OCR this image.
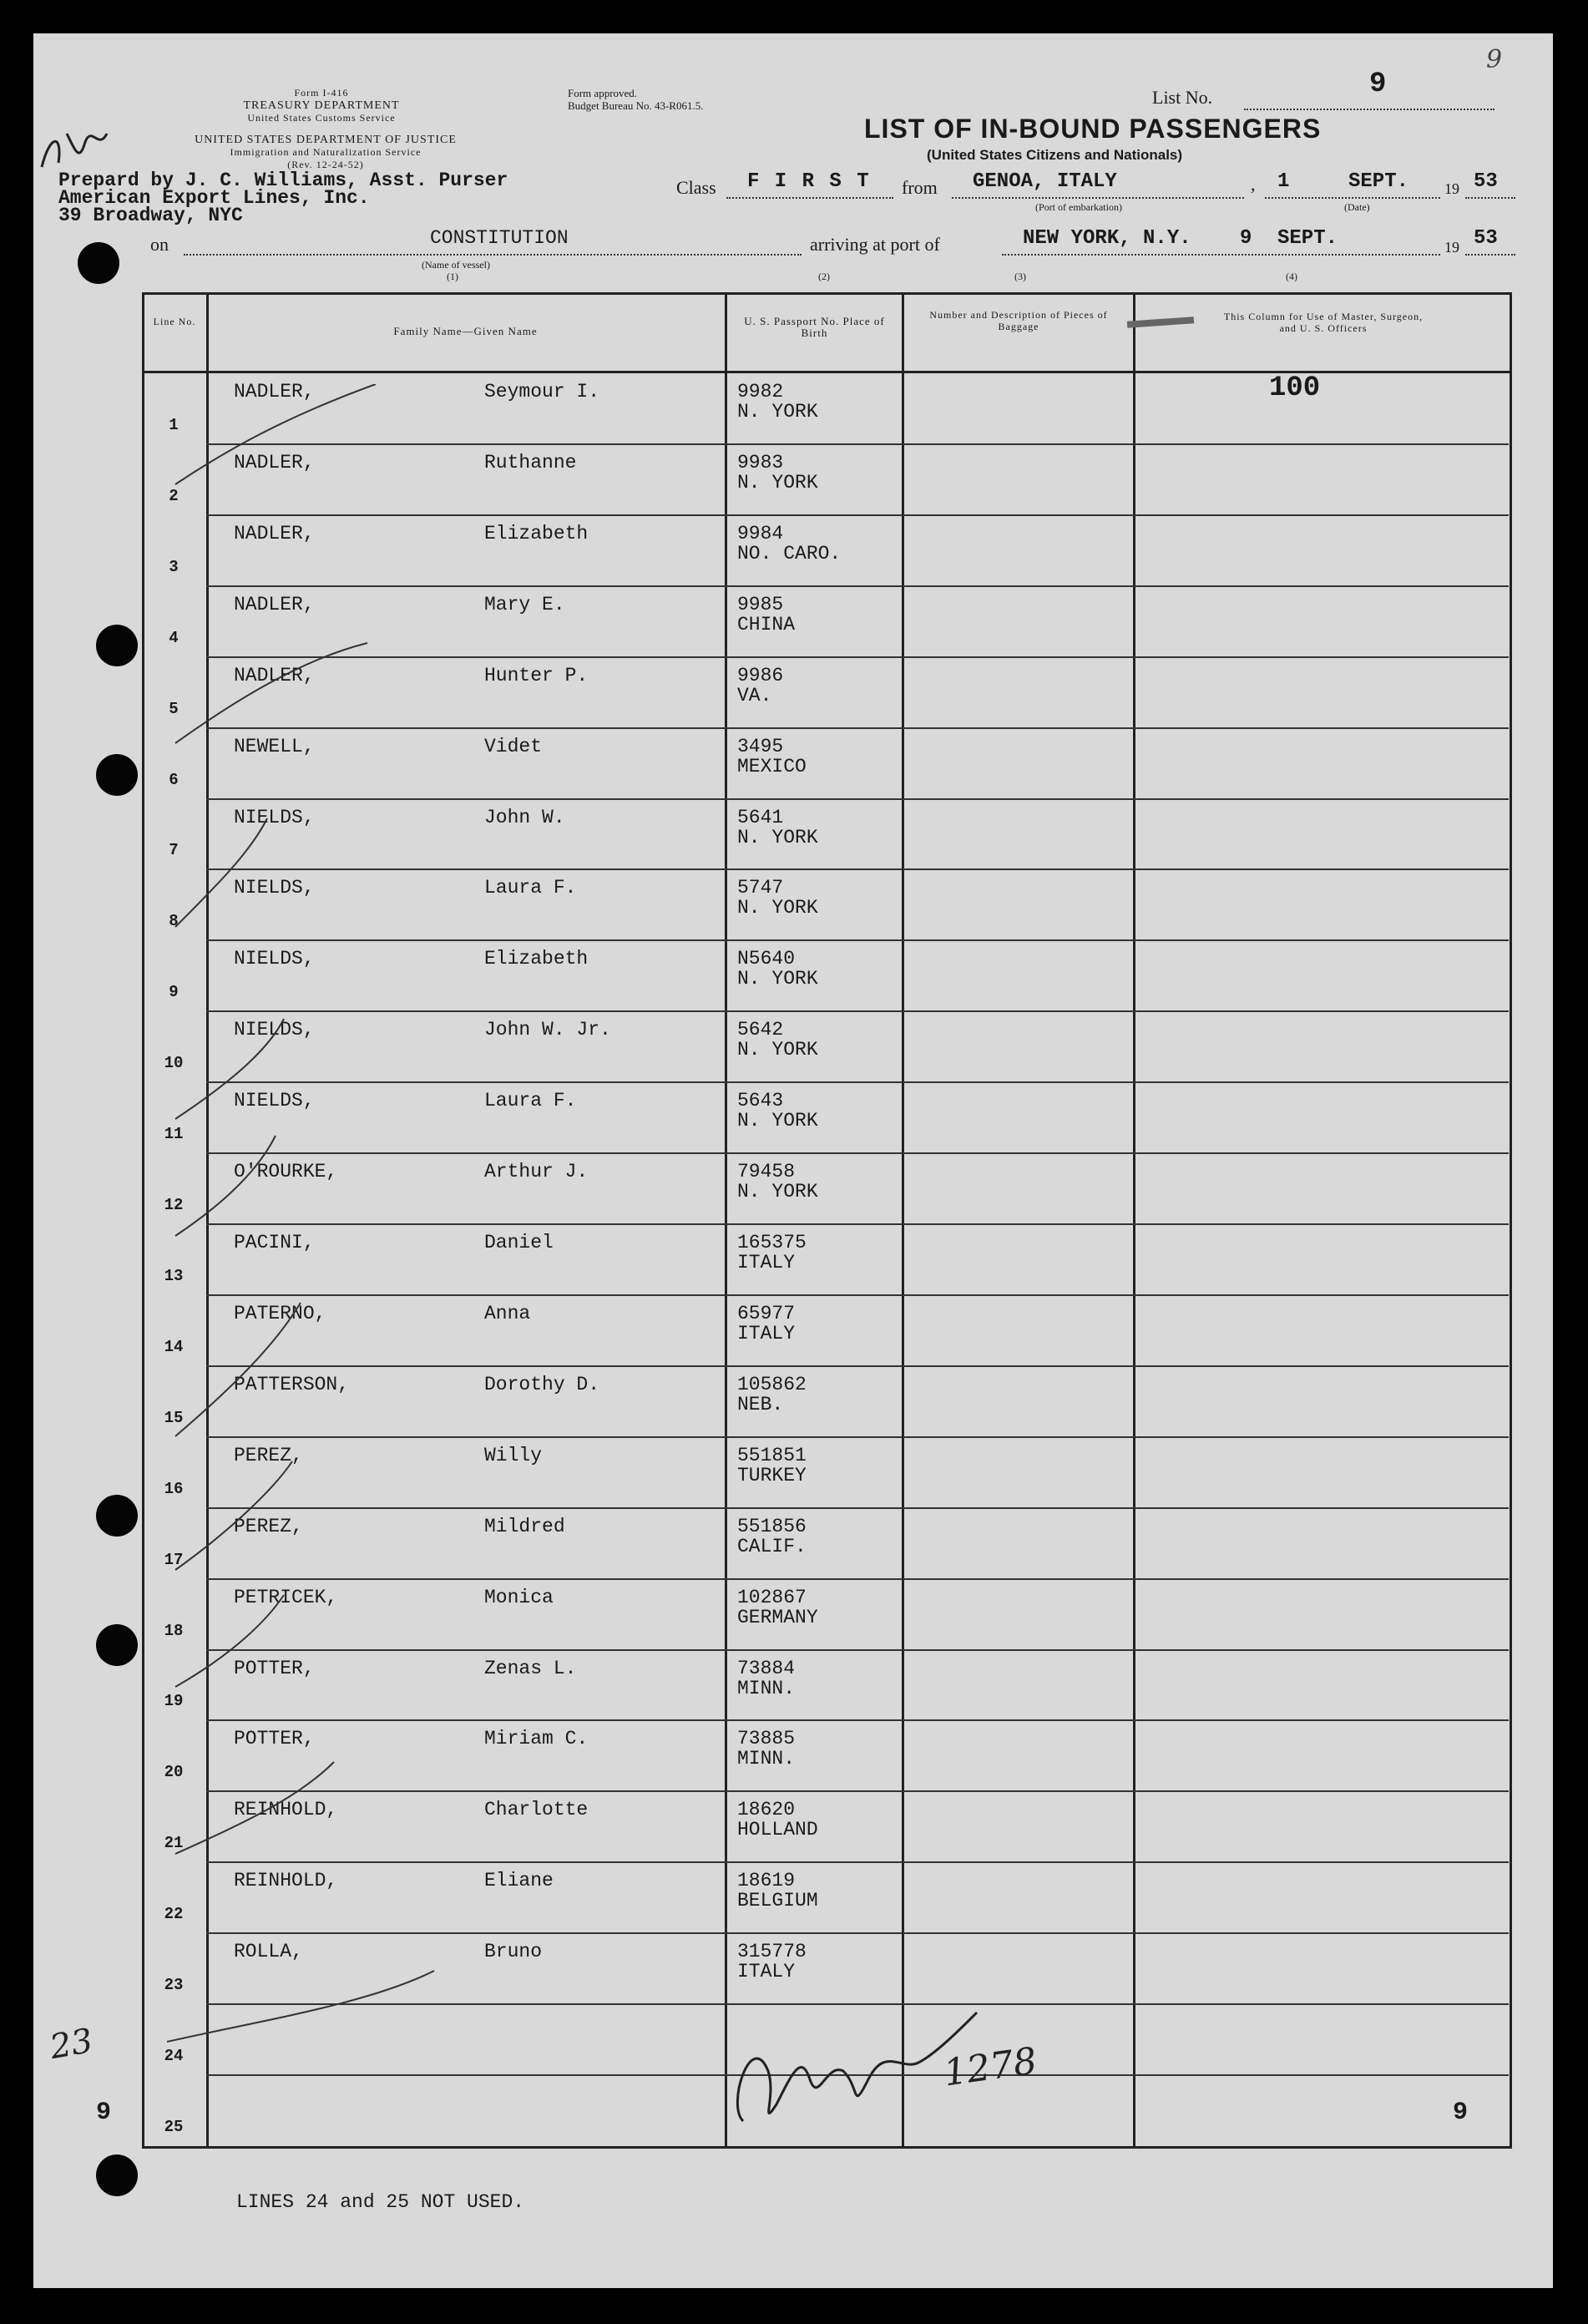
Form I-416
TREASURY DEPARTMENT
United States Customs Service
UNITED STATES DEPARTMENT OF JUSTICE
Immigration and Naturalization Service
(Rev. 12-24-52)
Form approved.
Budget Bureau No. 43-R061.5.	List No.	9
9
LIST OF IN-BOUND PASSENGERS
(United States Citizens and Nationals)
Prepard by J. C. Williams, Asst. Purser
American Export Lines, Inc.
39 Broadway, NYC
Class F I R S T from GENOA, ITALY
(Port of embarkation)
, 1	SEPT.
(Date)
19 53
on	CONSTITUTION
(Name of vessel)
(1)
arriving at port of	NEW YORK, N.Y. 9 SEPT.	19 53
(2)	(3)	(4)
Line No.
Family Name—Given Name
U. S. Passport No. Place of Birth
Number and Description of Pieces of Baggage
This Column for Use of Master, Surgeon, and U. S. Officers
100
1
NADLER,	Seymour I.	9982
N. YORK
2
NADLER,	Ruthanne	9983
N. YORK
3
NADLER,	Elizabeth	9984
NO. CARO.
4
NADLER,	Mary E.	9985
CHINA
5
NADLER,	Hunter P.	9986
VA.
6
NEWELL,	Videt	3495
MEXICO
7
NIELDS,	John W.	5641
N. YORK
8
NIELDS,	Laura F.	5747
N. YORK
9
NIELDS,	Elizabeth	N5640
N. YORK
10
NIELDS,	John W. Jr.	5642
N. YORK
11
NIELDS,	Laura F.	5643
N. YORK
12
O'ROURKE,	Arthur J.	79458
N. YORK
13
PACINI,	Daniel	165375
ITALY
14
PATERNO,	Anna	65977
ITALY
15
PATTERSON,	Dorothy D.	105862
NEB.
16
PEREZ,	Willy	551851
TURKEY
17
PEREZ,	Mildred	551856
CALIF.
18
PETRICEK,	Monica	102867
GERMANY
19
POTTER,	Zenas L.	73884
MINN.
20
POTTER,	Miriam C.	73885
MINN.
21
REINHOLD,	Charlotte	18620
HOLLAND
22
REINHOLD,	Eliane	18619
BELGIUM
23
ROLLA,	Bruno	315778
ITALY
24
25
9	9
LINES 24 and 25 NOT USED.
1278
23
